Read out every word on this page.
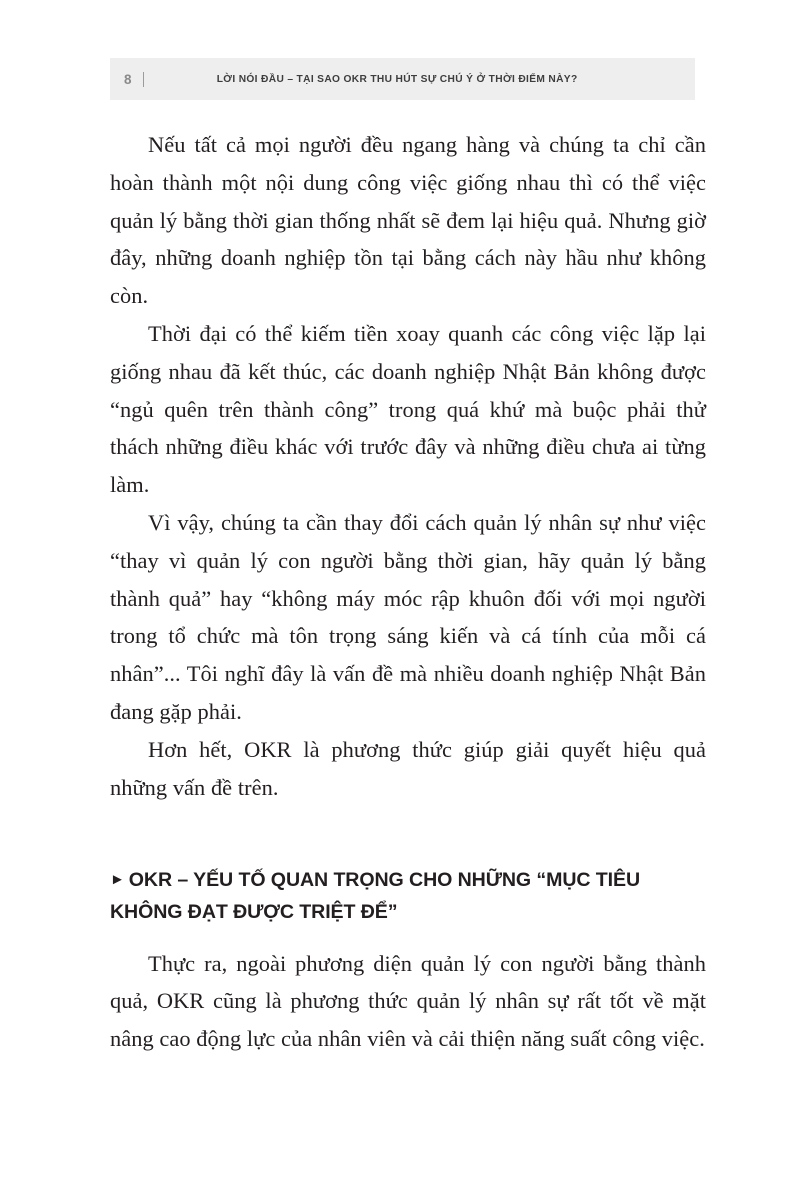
8	LỜI NÓI ĐẦU – TẠI SAO OKR THU HÚT SỰ CHÚ Ý Ở THỜI ĐIỂM NÀY?

Nếu tất cả mọi người đều ngang hàng và chúng ta chỉ cần hoàn thành một nội dung công việc giống nhau thì có thể việc quản lý bằng thời gian thống nhất sẽ đem lại hiệu quả. Nhưng giờ đây, những doanh nghiệp tồn tại bằng cách này hầu như không còn.

Thời đại có thể kiếm tiền xoay quanh các công việc lặp lại giống nhau đã kết thúc, các doanh nghiệp Nhật Bản không được “ngủ quên trên thành công” trong quá khứ mà buộc phải thử thách những điều khác với trước đây và những điều chưa ai từng làm.

Vì vậy, chúng ta cần thay đổi cách quản lý nhân sự như việc “thay vì quản lý con người bằng thời gian, hãy quản lý bằng thành quả” hay “không máy móc rập khuôn đối với mọi người trong tổ chức mà tôn trọng sáng kiến và cá tính của mỗi cá nhân”... Tôi nghĩ đây là vấn đề mà nhiều doanh nghiệp Nhật Bản đang gặp phải.

Hơn hết, OKR là phương thức giúp giải quyết hiệu quả những vấn đề trên.

► OKR – YẾU TỐ QUAN TRỌNG CHO NHỮNG “MỤC TIÊU KHÔNG ĐẠT ĐƯỢC TRIỆT ĐỂ”

Thực ra, ngoài phương diện quản lý con người bằng thành quả, OKR cũng là phương thức quản lý nhân sự rất tốt về mặt nâng cao động lực của nhân viên và cải thiện năng suất công việc.
